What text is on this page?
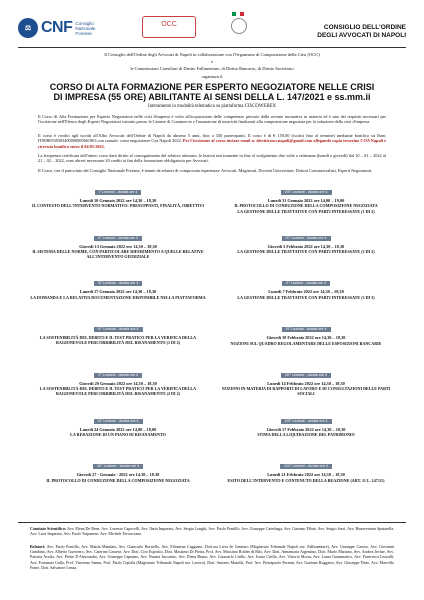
⚖ CNF Consiglio
Nazionale
Forense
OCC	CONSIGLIO DELL'ORDINE
DEGLI AVVOCATI DI NAPOLI
Il Consiglio dell'Ordine degli Avvocati di Napoli in collaborazione con l'Organismo di Composizione della Crisi (OCC)
e
le Commissioni Consiliari di Diritto Fallimentare, di Diritto Bancario, di Diritto Societario
organizza il
CORSO DI ALTA FORMAZIONE PER ESPERTO NEGOZIATORE NELLE CRISI
DI IMPRESA (55 ORE) ABILITANTE AI SENSI DELLA L. 147/2021 e ss.mm.ii
Interamente in modalità telematica su piattaforma CISCOWEBEX
Il Corso di Alta Formazione per Esperto Negoziatore nelle crisi d'impresa è volto all'acquisizione delle competenze previste dalla recente normativa in materia ed è uno dei requisiti necessari per l'iscrizione nell'Elenco degli Esperti Negoziatori istituito presso le Camere di Commercio e l'assunzione di incarichi finalizzati alla composizione negoziata per la soluzione della crisi d'impresa.
Il corso è rivolto agli iscritti all'Albo Avvocati dell'Ordine di Napoli da almeno 5 anni, fino a 350 partecipanti. Il costo è di € 150,00 (iscritti fino al termine) mediante bonifico su Iban: IT00B0538303400000000661963 con causale: corso negoziatore Coa Napoli 2022. Per l'iscrizione al corso inviare email a: direttivooccnapoli@gmail.com allegando copia tesserino COA Napoli e ricevuta bonifico entro il 04/01/2022.
La frequenza certificata dell'intero corso darà diritto al conseguimento del relativo attestato; le lezioni teoricamente in fine al svolgimento due volte a settimana (lunedì e giovedì) dal 10 – 01 – 2022 al 21 – 02 – 2022, sono altresì necessarie 20 crediti ai fini della formazione obbligatoria per Avvocati.
Il Corso, con il patrocinio del Consiglio Nazionale Forense, è tenuto da relatori di comprovata esperienza: Avvocati, Magistrati, Docenti Universitari, Dottori Commercialisti, Esperti Negoziatori.
I° Lezione - durata ore 4
Lunedì 10 Gennaio 2022 ore 14,30 – 18,30
IL CONTESTO DELL'INTERVENTO NORMATIVO: PRESUPPOSTI, FINALITÀ, OBIETTIVI
II° Lezione - durata ore 4
Giovedì 13 Gennaio 2022 ore 14,30 – 18,30
IL SISTEMA DELLE NORME, CON PARTICOLARE RIFERIMENTO A QUELLE RELATIVE ALL'INTERVENTO GIUDIZIALE
III° Lezione - durata ore 4
Lunedì 17 Gennaio 2022 ore 14,30 – 18,30
LA DOMANDA E LA RELATIVA DOCUMENTAZIONE DISPONIBILE NELLA PIATTAFORMA
IV° Lezione - durata ore 4
LA SOSTENIBILITÀ DEL DEBITO E IL TEST PRATICO PER LA VERIFICA DELLA RAGIONEVOLE PERCORRIBILITÀ DEL RISANAMENTO (1 DI 2)
V° Lezione - durata ore 4
Giovedì 20 Gennaio 2022 ore 14,30 – 18,30
LA SOSTENIBILITÀ DEL DEBITO E IL TEST PRATICO PER LA VERIFICA DELLA RAGIONEVOLE PERCORRIBILITÀ DEL RISANAMENTO (2 DI 2)
VI° Lezione - durata ore 4
Lunedì 24 Gennaio 2022 ore 14,00 – 18,00
LA REDAZIONE DI UN PIANO DI RISANAMENTO
VII° Lezione - durata ore 4
Giovedì 27 - Gennaio - 2022 ore 14.30 – 18.30
IL PROTOCOLLO DI CONDUZIONE DELLA COMPOSIZIONE NEGOZIATA
VIII° Lezione - durata ore 4
Lunedì 31 Gennaio 2022 ore 14,00 – 19,00
IL PROTOCOLLO DI CONDUZIONE DELLA COMPOSIZIONE NEGOZIATA
LA GESTIONE DELLE TRATTATIVE CON PARTI INTERESSATE (1 DI 3)
IX° Lezione - durata ore 4
Giovedì 3 Febbraio 2022 ore 14,30 – 18,30
LA GESTIONE DELLE TRATTATIVE CON PARTI INTERESSATE (2 DI 3)
X° Lezione - durata ore 4
Lunedì 7 Febbraio 2022 ore 14,30 – 18,30
LA GESTIONE DELLE TRATTATIVE CON PARTI INTERESSATE (3 DI 3)
XI° Lezione - durata ore 4
Giovedì 10 Febbraio 2022 ore 14,30 – 18,30
NOZIONI SUL QUADRO REGOLAMENTARE DELLE ESPOSIZIONI BANCARIE
XII° Lezione - durata ore 4
Lunedì 14 Febbraio 2022 ore 14,30 – 18,30
NOZIONI IN MATERIA DI RAPPORTI DI LAVORO E DI CONSULTAZIONI DELLE PARTI SOCIALI
XIII° Lezione - durata ore 4
Giovedì 17 Febbraio 2022 ore 14,30 – 18,30
STIMA DELLA LIQUIDAZIONE DEL PATRIMONIO
XIV° Lezione - durata ore 4
Lunedì 21 Febbraio 2022 ore 14,30 – 18,30
ESITO DELL'INTERVENTO E CONTENUTO DELLA REAZIONE (ART. 11 L. 147/21)
Comitato Scientifico: Avv. Elena De Bene, Avv. Lorenza Capocelli, Avv. Ilaria Imparato, Avv. Sergio Longhi, Avv. Paolo Pontillo, Avv. Giuseppe Caterbaga, Avv. Gaetano Pilato, Avv. Sergio Sarri, Avv. Bonaventura Spatarella, Avv. Luca Imparato, Avv. Paolo Trapanese, Avv. Michele Terracciano.
Relatori: Avv. Paolo Pontillo, Avv. Mattia Mandato, Avv. Giancarlo Borriello, Avv. Filomena Caggiano, Dott.ssa Livia de Gennaro (Magistrato Tribunale Napoli sez. Fallimentare), Avv. Giuseppe Caruso, Avv. Giovanni Gambino, Avv. Alberto Guerriero, Avv. Caterina Cassese, Avv. Dott. Ciro Esposito, Dott. Massimo Di Pietra, Prof. Avv. Massimo Robles di Rilo, Avv. Dott. Annamaria Argentino, Dott. Mario Mariano, Avv. Andrea Iovine, Avv. Patrizia Avolio, Avv. Pietro D'Alessandro, Avv. Giuseppe Capuano, Avv. Nunzia Iaccarino, Avv. Elena Bruno, Avv. Giancarlo Cirillo, Avv. Ivano Cirillo, Avv. Vittorio Morra, Avv. Laura Grammatico, Avv. Francesca Lezzulli, Avv. Fortunata Gallo, Prof. Vincenzo Sanna, Prof. Paolo Cepolla (Magistrato Tribunale Napoli sez. Lavoro), Dott. Antonio Masella, Prof. Avv. Pietrapaolo Fermin, Avv. Gaetano Ruggiero, Avv. Giuseppe Pinto, Avv. Marcello Fonte, Dott. Salvatore Lenza.
